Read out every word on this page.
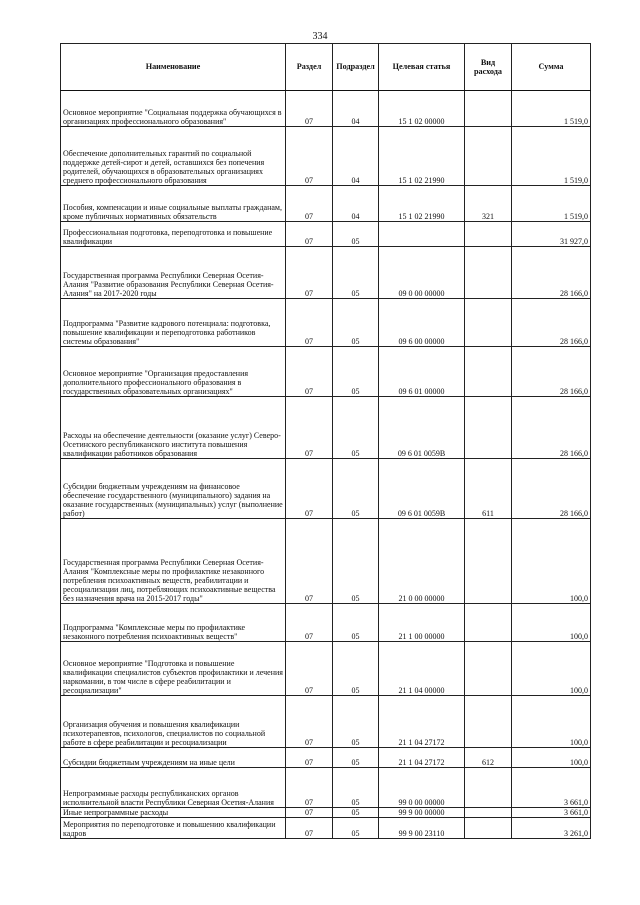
334
Наименование	Раздел	Подраздел	Целевая статья	Вид расхода	Сумма
Основное мероприятие "Социальная поддержка обучающихся в организациях профессионального образования"	07	04	15 1 02 00000		1 519,0
Обеспечение дополнительных гарантий по социальной поддержке детей-сирот и детей, оставшихся без попечения родителей, обучающихся в образовательных организациях среднего профессионального образования	07	04	15 1 02 21990		1 519,0
Пособия, компенсации и иные социальные выплаты гражданам, кроме публичных нормативных обязательств	07	04	15 1 02 21990	321	1 519,0
Профессиональная подготовка, переподготовка и повышение квалификации	07	05			31 927,0
Государственная программа Республики Северная Осетия-Алания "Развитие образования Республики Северная Осетия-Алания" на 2017-2020 годы	07	05	09 0 00 00000		28 166,0
Подпрограмма "Развитие кадрового потенциала: подготовка, повышение квалификации и переподготовка работников системы образования"	07	05	09 6 00 00000		28 166,0
Основное мероприятие "Организация предоставления дополнительного профессионального образования в государственных образовательных организациях"	07	05	09 6 01 00000		28 166,0
Расходы на обеспечение деятельности (оказание услуг) Северо-Осетинского республиканского института повышения квалификации работников образования	07	05	09 6 01 0059В		28 166,0
Субсидии бюджетным учреждениям на финансовое обеспечение государственного (муниципального) задания на оказание государственных (муниципальных) услуг (выполнение работ)	07	05	09 6 01 0059В	611	28 166,0
Государственная программа Республики Северная Осетия-Алания "Комплексные меры по профилактике незаконного потребления психоактивных веществ, реабилитации и ресоциализации лиц, потребляющих психоактивные вещества без назначения врача на 2015-2017 годы"	07	05	21 0 00 00000		100,0
Подпрограмма "Комплексные меры по профилактике незаконного потребления психоактивных веществ"	07	05	21 1 00 00000		100,0
Основное мероприятие "Подготовка и повышение квалификации специалистов субъектов профилактики и лечения наркомании, в том числе в сфере реабилитации и ресоциализации"	07	05	21 1 04 00000		100,0
Организация обучения и повышения квалификации психотерапевтов, психологов, специалистов по социальной работе в сфере реабилитации и ресоциализации	07	05	21 1 04 27172		100,0
Субсидии бюджетным учреждениям на иные цели	07	05	21 1 04 27172	612	100,0
Непрограммные расходы республиканских органов исполнительной власти Республики Северная Осетия-Алания	07	05	99 0 00 00000		3 661,0
Иные непрограммные расходы	07	05	99 9 00 00000		3 661,0
Мероприятия по переподготовке и повышению квалификации кадров	07	05	99 9 00 23110		3 261,0
